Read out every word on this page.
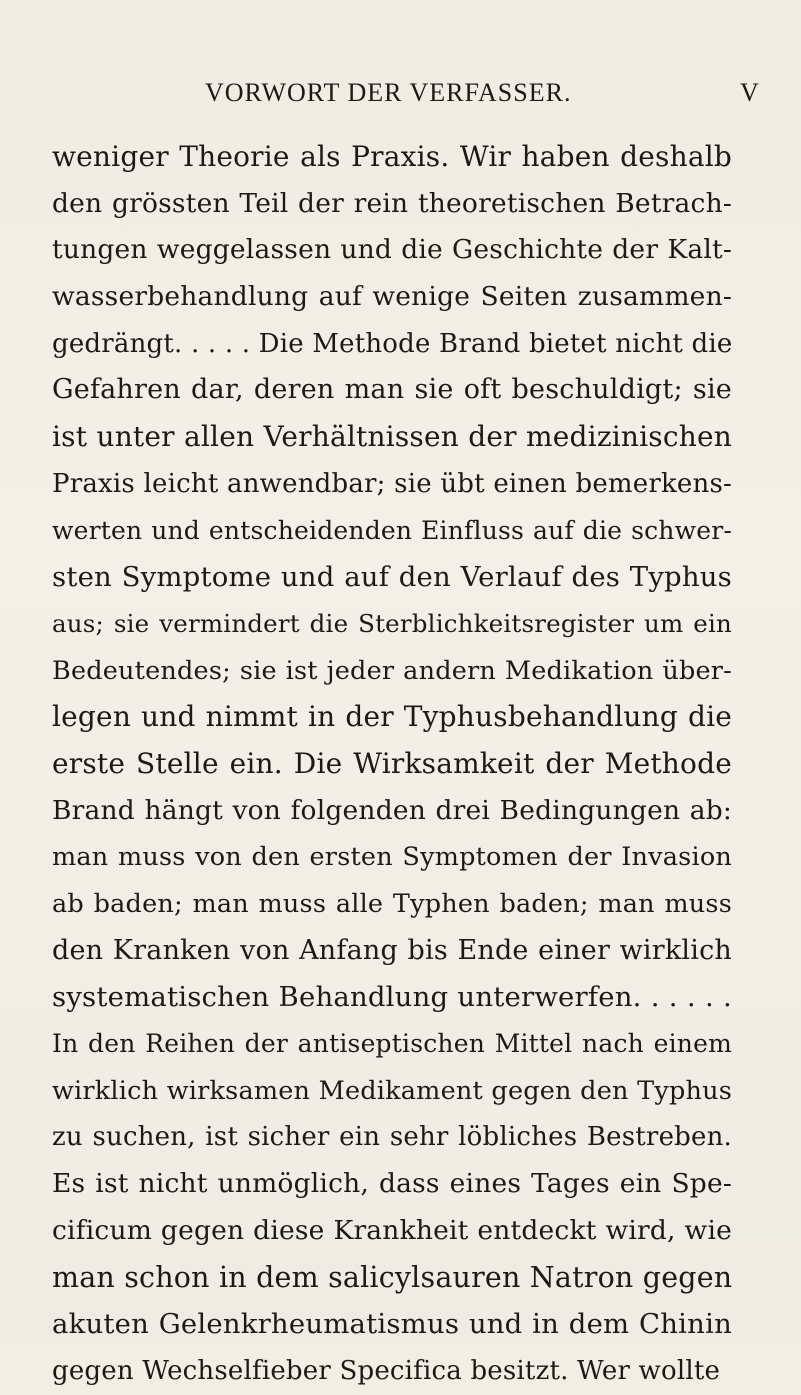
VORWORT DER VERFASSER.	V
weniger Theorie als Praxis. Wir haben deshalb
den grössten Teil der rein theoretischen Betrach-
tungen weggelassen und die Geschichte der Kalt-
wasserbehandlung auf wenige Seiten zusammen-
gedrängt. . . . . Die Methode Brand bietet nicht die
Gefahren dar, deren man sie oft beschuldigt; sie
ist unter allen Verhältnissen der medizinischen
Praxis leicht anwendbar; sie übt einen bemerkens-
werten und entscheidenden Einfluss auf die schwer-
sten Symptome und auf den Verlauf des Typhus
aus; sie vermindert die Sterblichkeitsregister um ein
Bedeutendes; sie ist jeder andern Medikation über-
legen und nimmt in der Typhusbehandlung die
erste Stelle ein. Die Wirksamkeit der Methode
Brand hängt von folgenden drei Bedingungen ab:
man muss von den ersten Symptomen der Invasion
ab baden; man muss alle Typhen baden; man muss
den Kranken von Anfang bis Ende einer wirklich
systematischen Behandlung unterwerfen. . . . . .
In den Reihen der antiseptischen Mittel nach einem
wirklich wirksamen Medikament gegen den Typhus
zu suchen, ist sicher ein sehr löbliches Bestreben.
Es ist nicht unmöglich, dass eines Tages ein Spe-
cificum gegen diese Krankheit entdeckt wird, wie
man schon in dem salicylsauren Natron gegen
akuten Gelenkrheumatismus und in dem Chinin
gegen Wechselfieber Specifica besitzt. Wer wollte
